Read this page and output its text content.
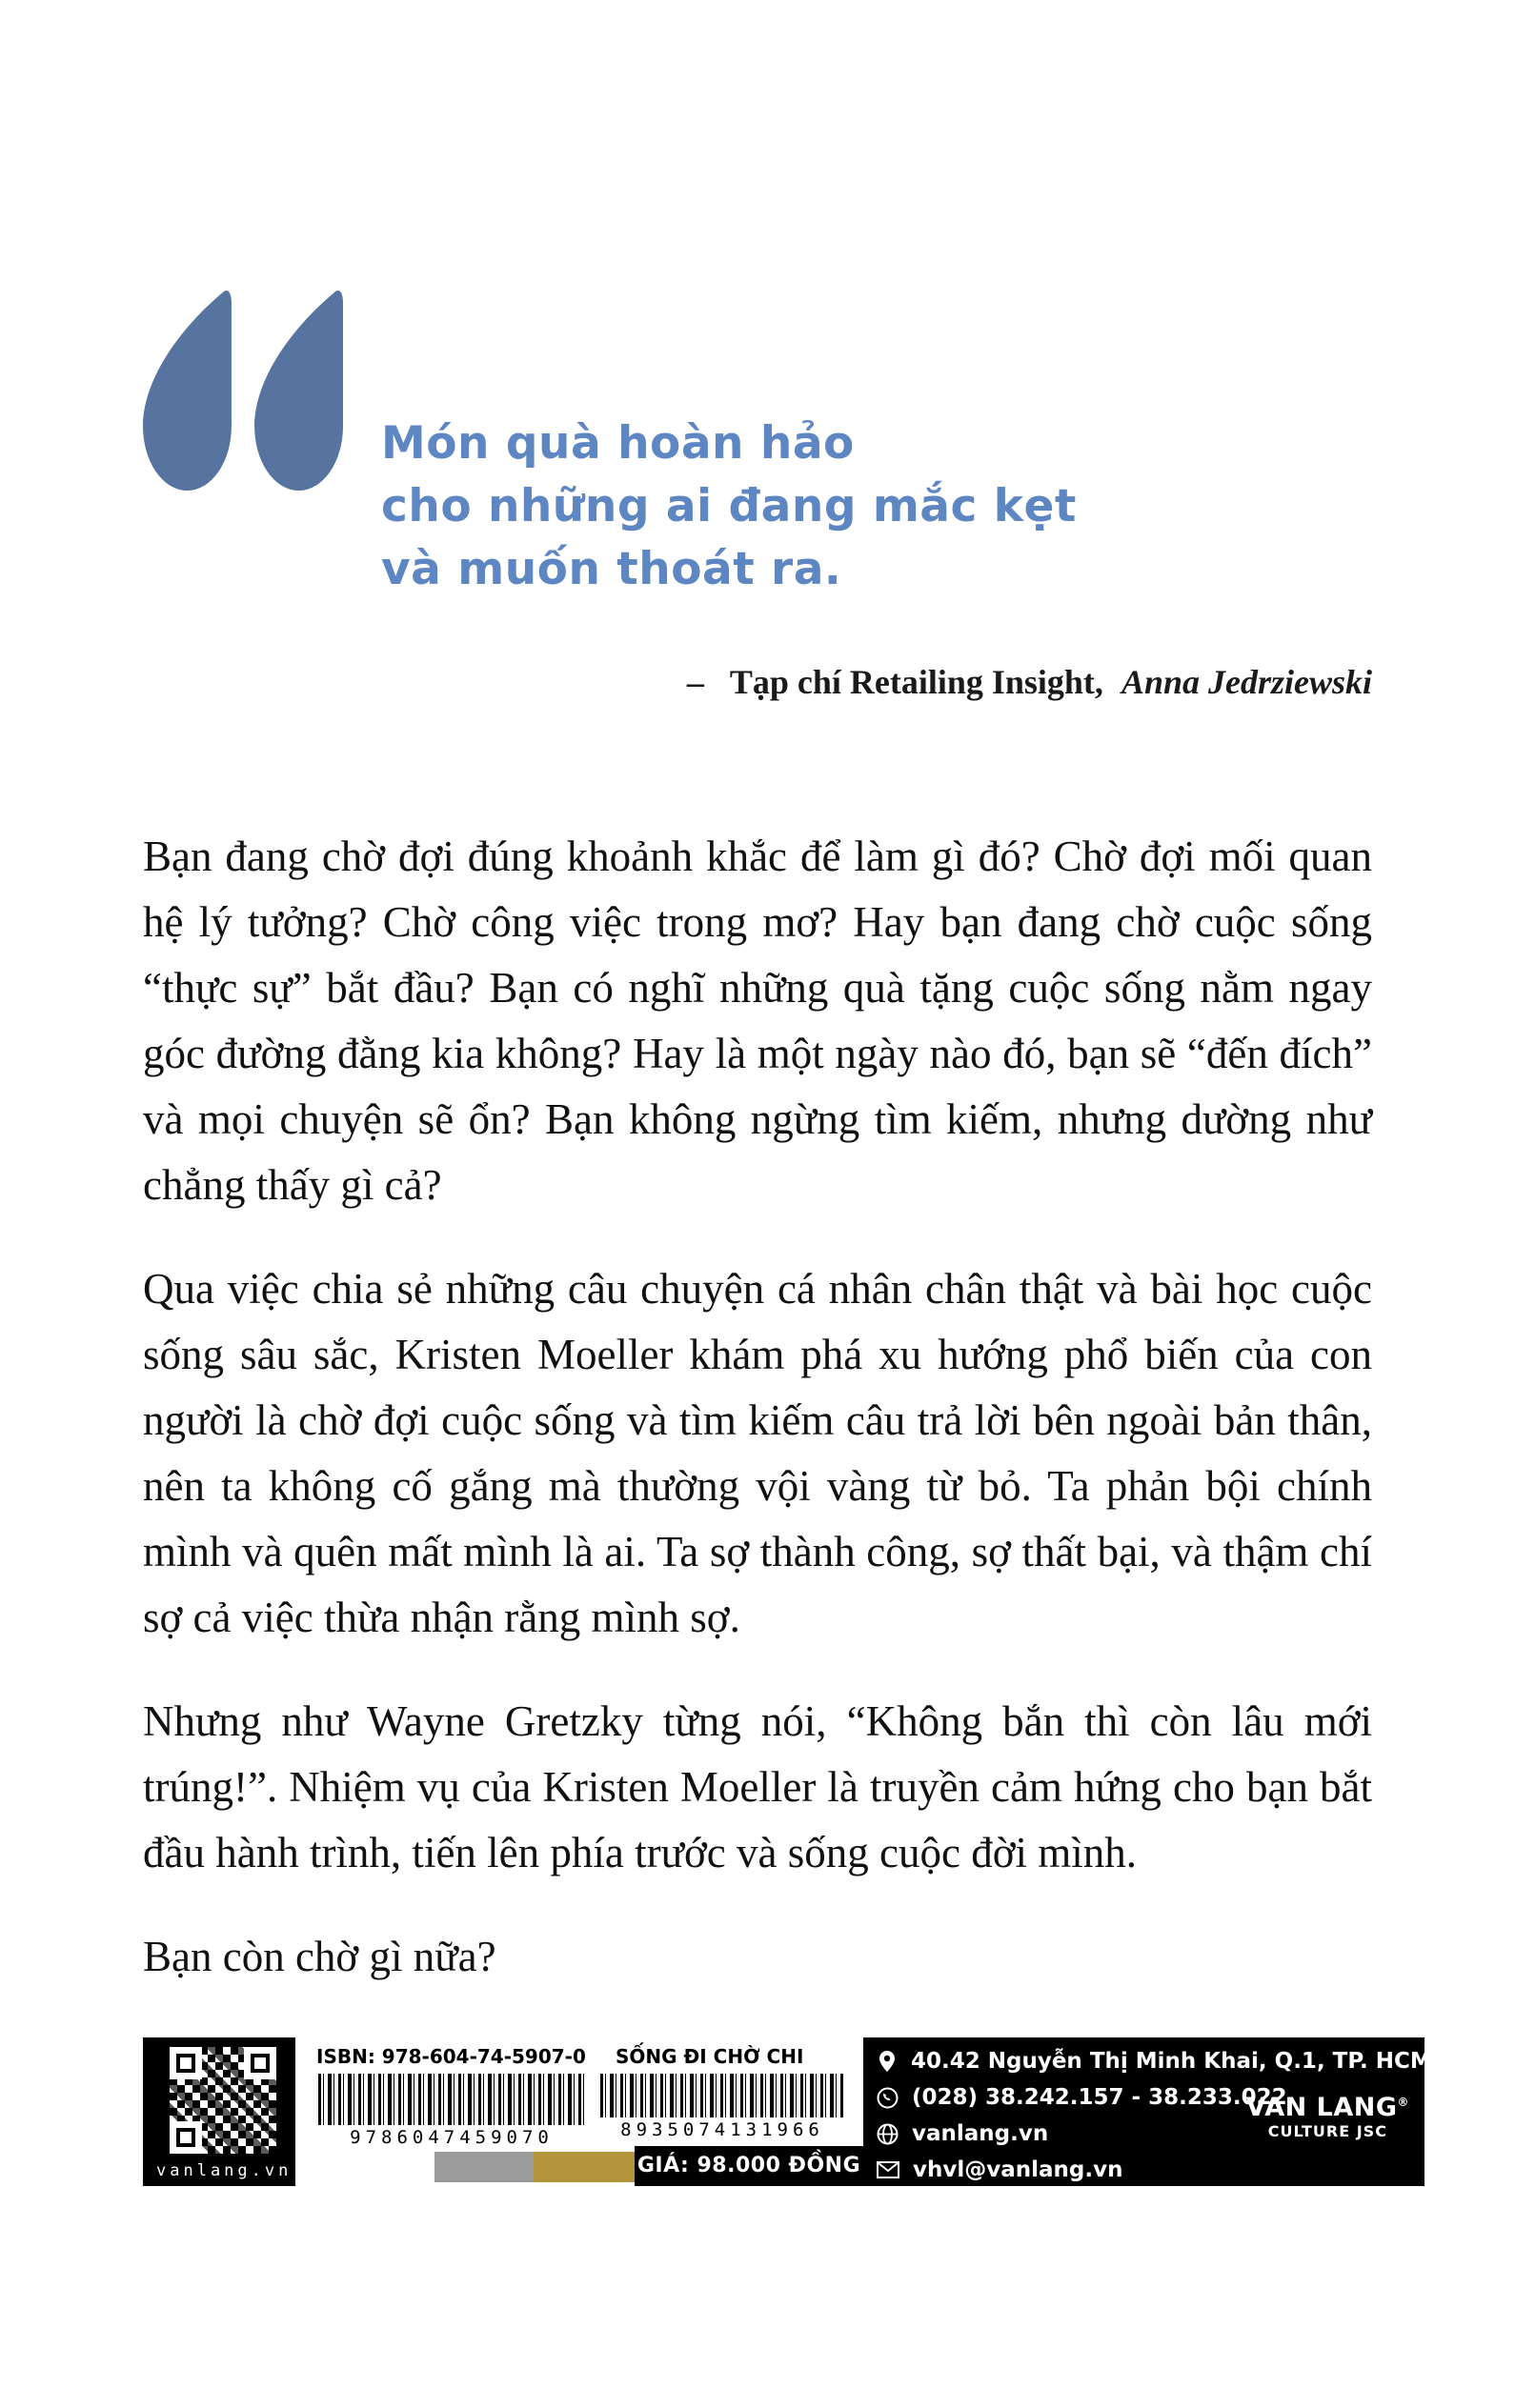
Món quà hoàn hảo
cho những ai đang mắc kẹt
và muốn thoát ra.
– Tạp chí Retailing Insight, Anna Jedrziewski

Bạn đang chờ đợi đúng khoảnh khắc để làm gì đó? Chờ đợi mối quan hệ lý tưởng? Chờ công việc trong mơ? Hay bạn đang chờ cuộc sống “thực sự” bắt đầu? Bạn có nghĩ những quà tặng cuộc sống nằm ngay góc đường đằng kia không? Hay là một ngày nào đó, bạn sẽ “đến đích” và mọi chuyện sẽ ổn? Bạn không ngừng tìm kiếm, nhưng dường như chẳng thấy gì cả?

Qua việc chia sẻ những câu chuyện cá nhân chân thật và bài học cuộc sống sâu sắc, Kristen Moeller khám phá xu hướng phổ biến của con người là chờ đợi cuộc sống và tìm kiếm câu trả lời bên ngoài bản thân, nên ta không cố gắng mà thường vội vàng từ bỏ. Ta phản bội chính mình và quên mất mình là ai. Ta sợ thành công, sợ thất bại, và thậm chí sợ cả việc thừa nhận rằng mình sợ.

Nhưng như Wayne Gretzky từng nói, “Không bắn thì còn lâu mới trúng!”. Nhiệm vụ của Kristen Moeller là truyền cảm hứng cho bạn bắt đầu hành trình, tiến lên phía trước và sống cuộc đời mình.

Bạn còn chờ gì nữa?

vanlang.vn
ISBN: 978-604-74-5907-0 SỐNG ĐI CHỜ CHI
9786047459070	8935074131966
GIÁ: 98.000 ĐỒNG
40.42 Nguyễn Thị Minh Khai, Q.1, TP. HCM
(028) 38.242.157 - 38.233.022
vanlang.vn
vhvl@vanlang.vn
VAN LANG®
CULTURE JSC
